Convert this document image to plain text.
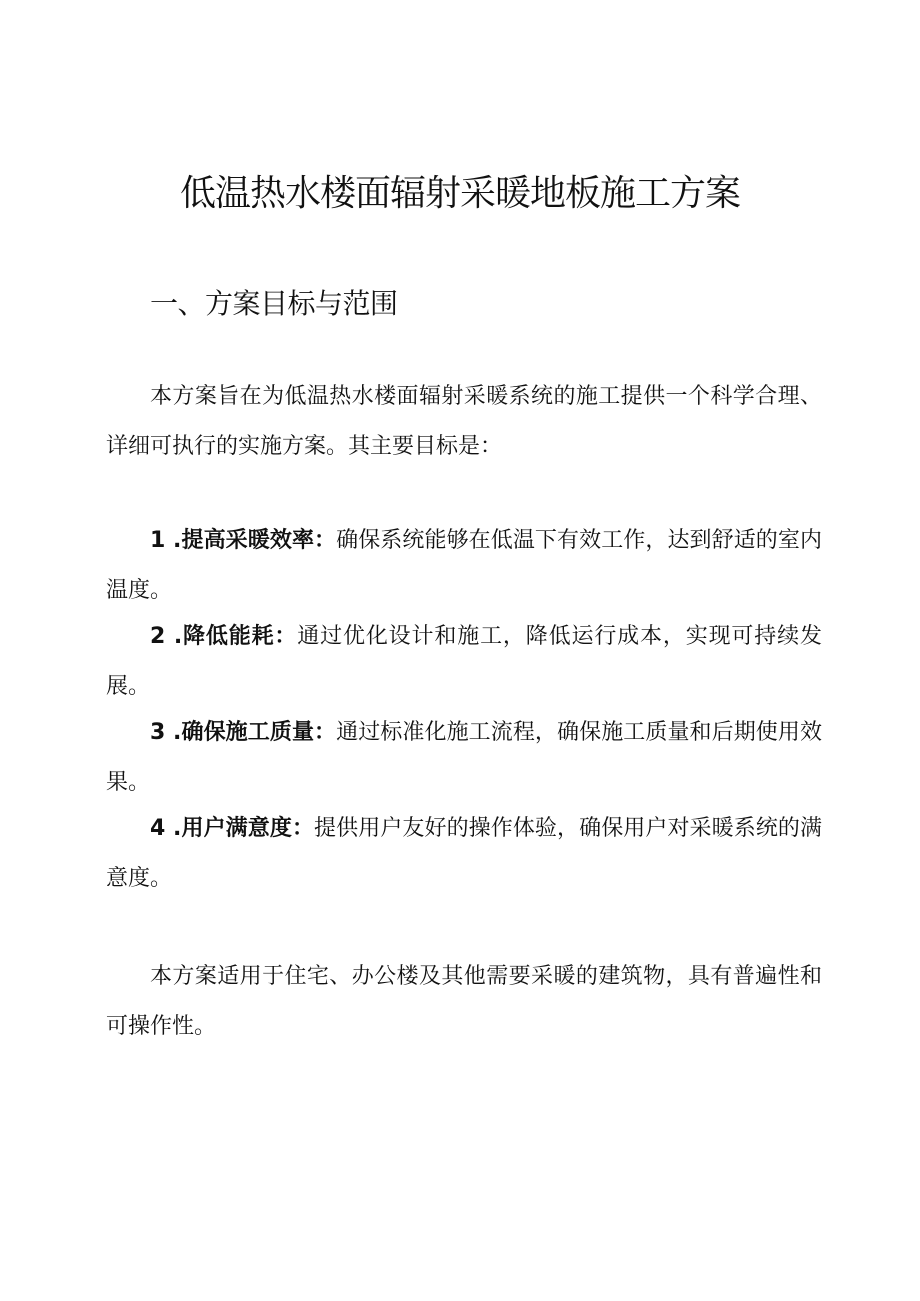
低温热水楼面辐射采暖地板施工方案
一、方案目标与范围

本方案旨在为低温热水楼面辐射采暖系统的施工提供一个科学合理、详细可执行的实施方案。其主要目标是：

1 .提高采暖效率：确保系统能够在低温下有效工作，达到舒适的室内温度。

2 .降低能耗：通过优化设计和施工，降低运行成本，实现可持续发展。

3 .确保施工质量：通过标准化施工流程，确保施工质量和后期使用效果。

4 .用户满意度：提供用户友好的操作体验，确保用户对采暖系统的满意度。

本方案适用于住宅、办公楼及其他需要采暖的建筑物，具有普遍性和可操作性。
